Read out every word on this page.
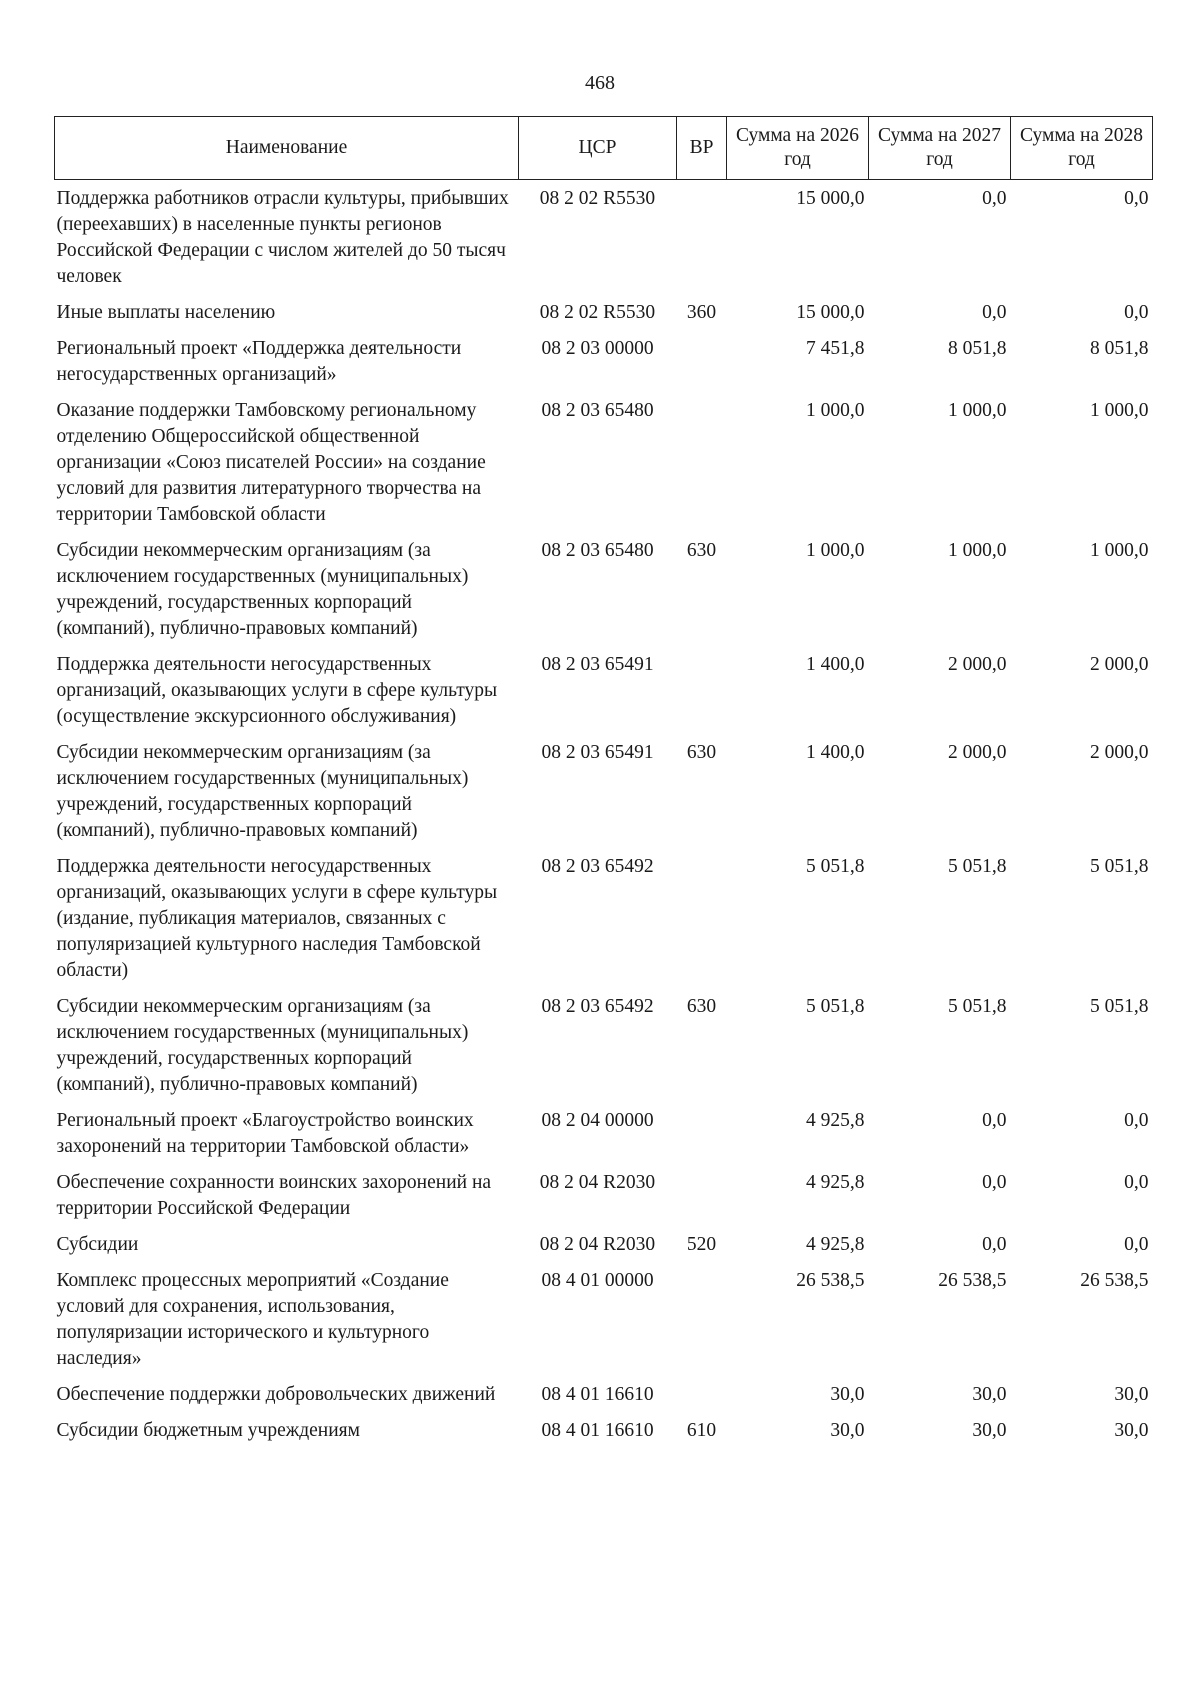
468
Наименование	ЦСР	ВР	Сумма на 2026 год	Сумма на 2027 год	Сумма на 2028 год
Поддержка работников отрасли культуры, прибывших (переехавших) в населенные пункты регионов Российской Федерации с числом жителей до 50 тысяч человек	08 2 02 R5530		15 000,0	0,0	0,0
Иные выплаты населению	08 2 02 R5530	360	15 000,0	0,0	0,0
Региональный проект «Поддержка деятельности негосударственных организаций»	08 2 03 00000		7 451,8	8 051,8	8 051,8
Оказание поддержки Тамбовскому региональному отделению Общероссийской общественной организации «Союз писателей России» на создание условий для развития литературного творчества на территории Тамбовской области	08 2 03 65480		1 000,0	1 000,0	1 000,0
Субсидии некоммерческим организациям (за исключением государственных (муниципальных) учреждений, государственных корпораций (компаний), публично-правовых компаний)	08 2 03 65480	630	1 000,0	1 000,0	1 000,0
Поддержка деятельности негосударственных организаций, оказывающих услуги в сфере культуры (осуществление экскурсионного обслуживания)	08 2 03 65491		1 400,0	2 000,0	2 000,0
Субсидии некоммерческим организациям (за исключением государственных (муниципальных) учреждений, государственных корпораций (компаний), публично-правовых компаний)	08 2 03 65491	630	1 400,0	2 000,0	2 000,0
Поддержка деятельности негосударственных организаций, оказывающих услуги в сфере культуры (издание, публикация материалов, связанных с популяризацией культурного наследия Тамбовской области)	08 2 03 65492		5 051,8	5 051,8	5 051,8
Субсидии некоммерческим организациям (за исключением государственных (муниципальных) учреждений, государственных корпораций (компаний), публично-правовых компаний)	08 2 03 65492	630	5 051,8	5 051,8	5 051,8
Региональный проект «Благоустройство воинских захоронений на территории Тамбовской области»	08 2 04 00000		4 925,8	0,0	0,0
Обеспечение сохранности воинских захоронений на территории Российской Федерации	08 2 04 R2030		4 925,8	0,0	0,0
Субсидии	08 2 04 R2030	520	4 925,8	0,0	0,0
Комплекс процессных мероприятий «Создание условий для сохранения, использования, популяризации исторического и культурного наследия»	08 4 01 00000		26 538,5	26 538,5	26 538,5
Обеспечение поддержки добровольческих движений	08 4 01 16610		30,0	30,0	30,0
Субсидии бюджетным учреждениям	08 4 01 16610	610	30,0	30,0	30,0
